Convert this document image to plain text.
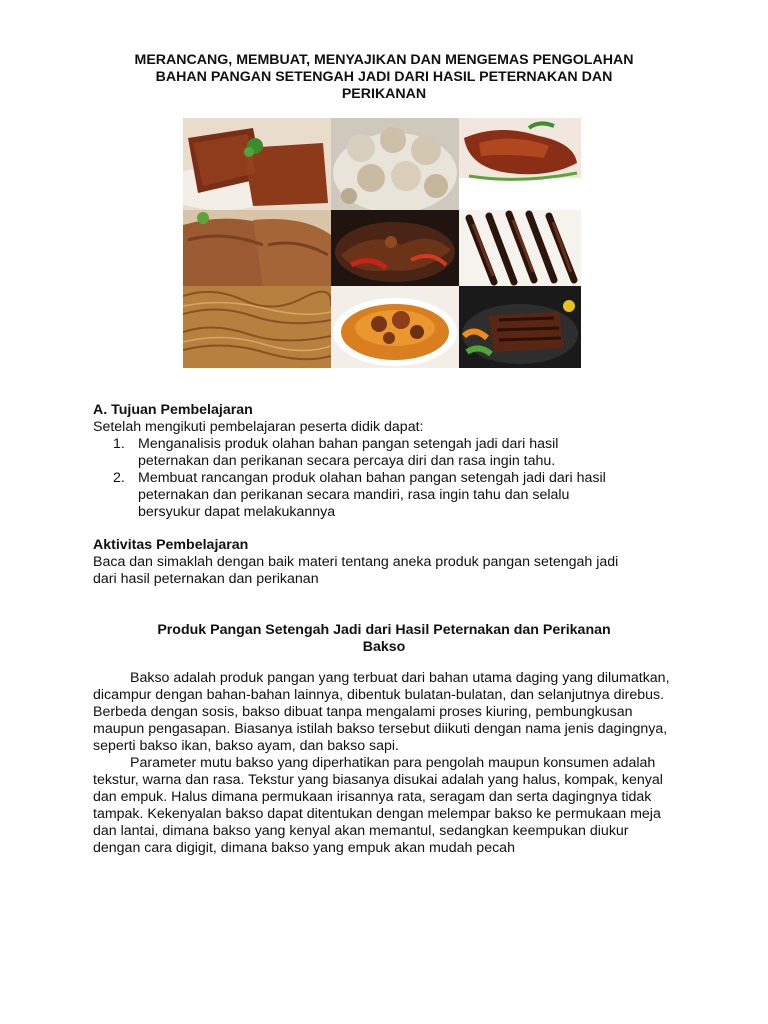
MERANCANG, MEMBUAT, MENYAJIKAN DAN MENGEMAS PENGOLAHAN
BAHAN PANGAN SETENGAH JADI DARI HASIL PETERNAKAN DAN
PERIKANAN
A. Tujuan Pembelajaran
Setelah mengikuti pembelajaran peserta didik dapat:
1. Menganalisis produk olahan bahan pangan setengah jadi dari hasil
peternakan dan perikanan secara percaya diri dan rasa ingin tahu.
2. Membuat rancangan produk olahan bahan pangan setengah jadi dari hasil
peternakan dan perikanan secara mandiri, rasa ingin tahu dan selalu
bersyukur dapat melakukannya
Aktivitas Pembelajaran
Baca dan simaklah dengan baik materi tentang aneka produk pangan setengah jadi
dari hasil peternakan dan perikanan
Produk Pangan Setengah Jadi dari Hasil Peternakan dan Perikanan
Bakso

Bakso adalah produk pangan yang terbuat dari bahan utama daging yang dilumatkan, dicampur dengan bahan-bahan lainnya, dibentuk bulatan-bulatan, dan selanjutnya direbus. Berbeda dengan sosis, bakso dibuat tanpa mengalami proses kiuring, pembungkusan maupun pengasapan. Biasanya istilah bakso tersebut diikuti dengan nama jenis dagingnya, seperti bakso ikan, bakso ayam, dan bakso sapi.

Parameter mutu bakso yang diperhatikan para pengolah maupun konsumen adalah tekstur, warna dan rasa. Tekstur yang biasanya disukai adalah yang halus, kompak, kenyal dan empuk. Halus dimana permukaan irisannya rata, seragam dan serta dagingnya tidak tampak. Kekenyalan bakso dapat ditentukan dengan melempar bakso ke permukaan meja dan lantai, dimana bakso yang kenyal akan memantul, sedangkan keempukan diukur dengan cara digigit, dimana bakso yang empuk akan mudah pecah
